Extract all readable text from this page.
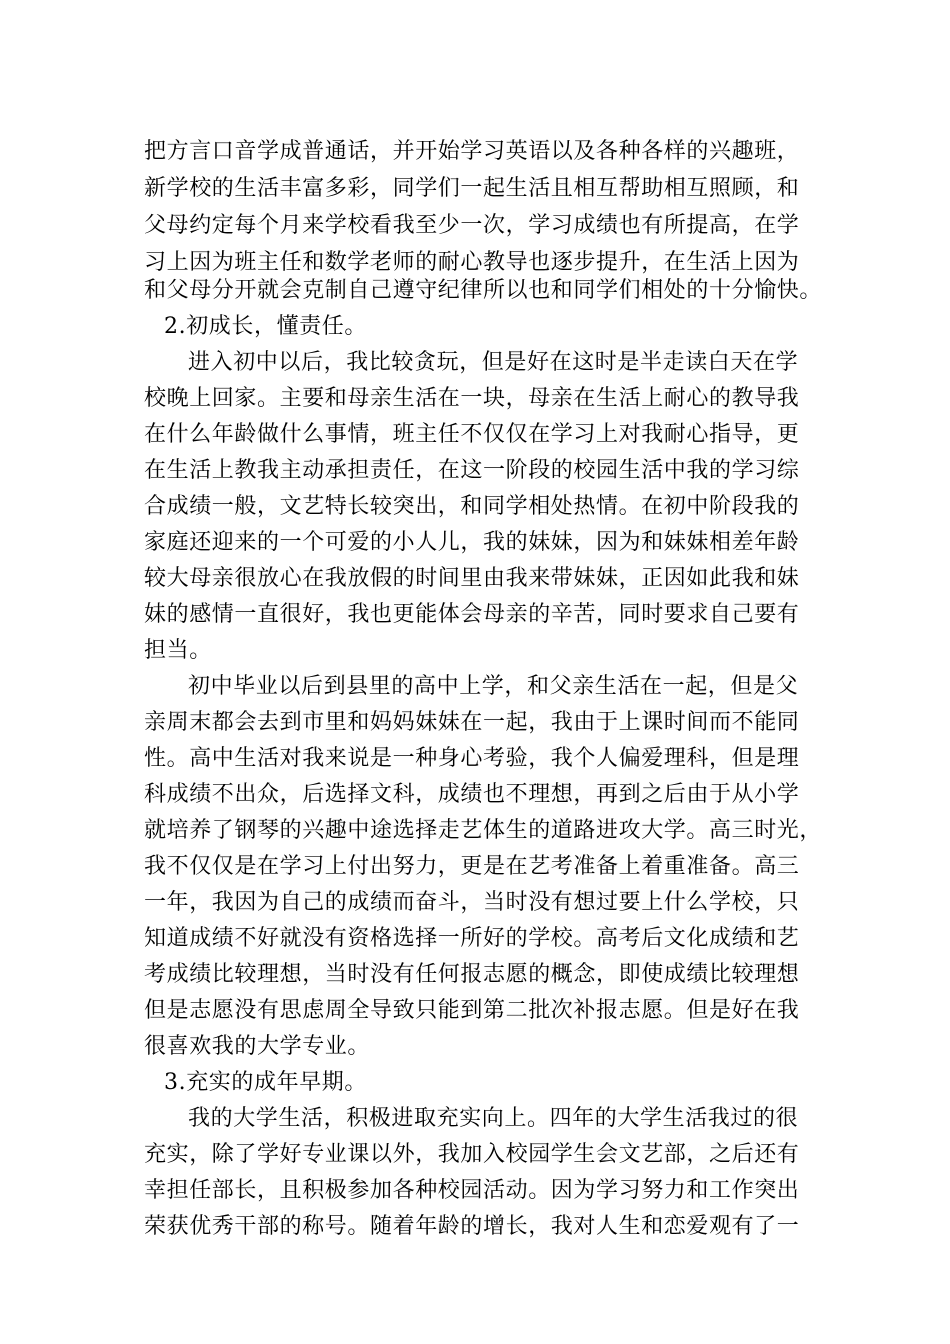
把方言口音学成普通话，并开始学习英语以及各种各样的兴趣班，
新学校的生活丰富多彩，同学们一起生活且相互帮助相互照顾，和
父母约定每个月来学校看我至少一次，学习成绩也有所提高，在学
习上因为班主任和数学老师的耐心教导也逐步提升，在生活上因为
和父母分开就会克制自己遵守纪律所以也和同学们相处的十分愉快。
2.初成长，懂责任。
进入初中以后，我比较贪玩，但是好在这时是半走读白天在学
校晚上回家。主要和母亲生活在一块，母亲在生活上耐心的教导我
在什么年龄做什么事情，班主任不仅仅在学习上对我耐心指导，更
在生活上教我主动承担责任，在这一阶段的校园生活中我的学习综
合成绩一般，文艺特长较突出，和同学相处热情。在初中阶段我的
家庭还迎来的一个可爱的小人儿，我的妹妹，因为和妹妹相差年龄
较大母亲很放心在我放假的时间里由我来带妹妹，正因如此我和妹
妹的感情一直很好，我也更能体会母亲的辛苦，同时要求自己要有
担当。
初中毕业以后到县里的高中上学，和父亲生活在一起，但是父
亲周末都会去到市里和妈妈妹妹在一起，我由于上课时间而不能同
性。高中生活对我来说是一种身心考验，我个人偏爱理科，但是理
科成绩不出众，后选择文科，成绩也不理想，再到之后由于从小学
就培养了钢琴的兴趣中途选择走艺体生的道路进攻大学。高三时光，
我不仅仅是在学习上付出努力，更是在艺考准备上着重准备。高三
一年，我因为自己的成绩而奋斗，当时没有想过要上什么学校，只
知道成绩不好就没有资格选择一所好的学校。高考后文化成绩和艺
考成绩比较理想，当时没有任何报志愿的概念，即使成绩比较理想
但是志愿没有思虑周全导致只能到第二批次补报志愿。但是好在我
很喜欢我的大学专业。
3.充实的成年早期。
我的大学生活，积极进取充实向上。四年的大学生活我过的很
充实，除了学好专业课以外，我加入校园学生会文艺部，之后还有
幸担任部长，且积极参加各种校园活动。因为学习努力和工作突出
荣获优秀干部的称号。随着年龄的增长，我对人生和恋爱观有了一
